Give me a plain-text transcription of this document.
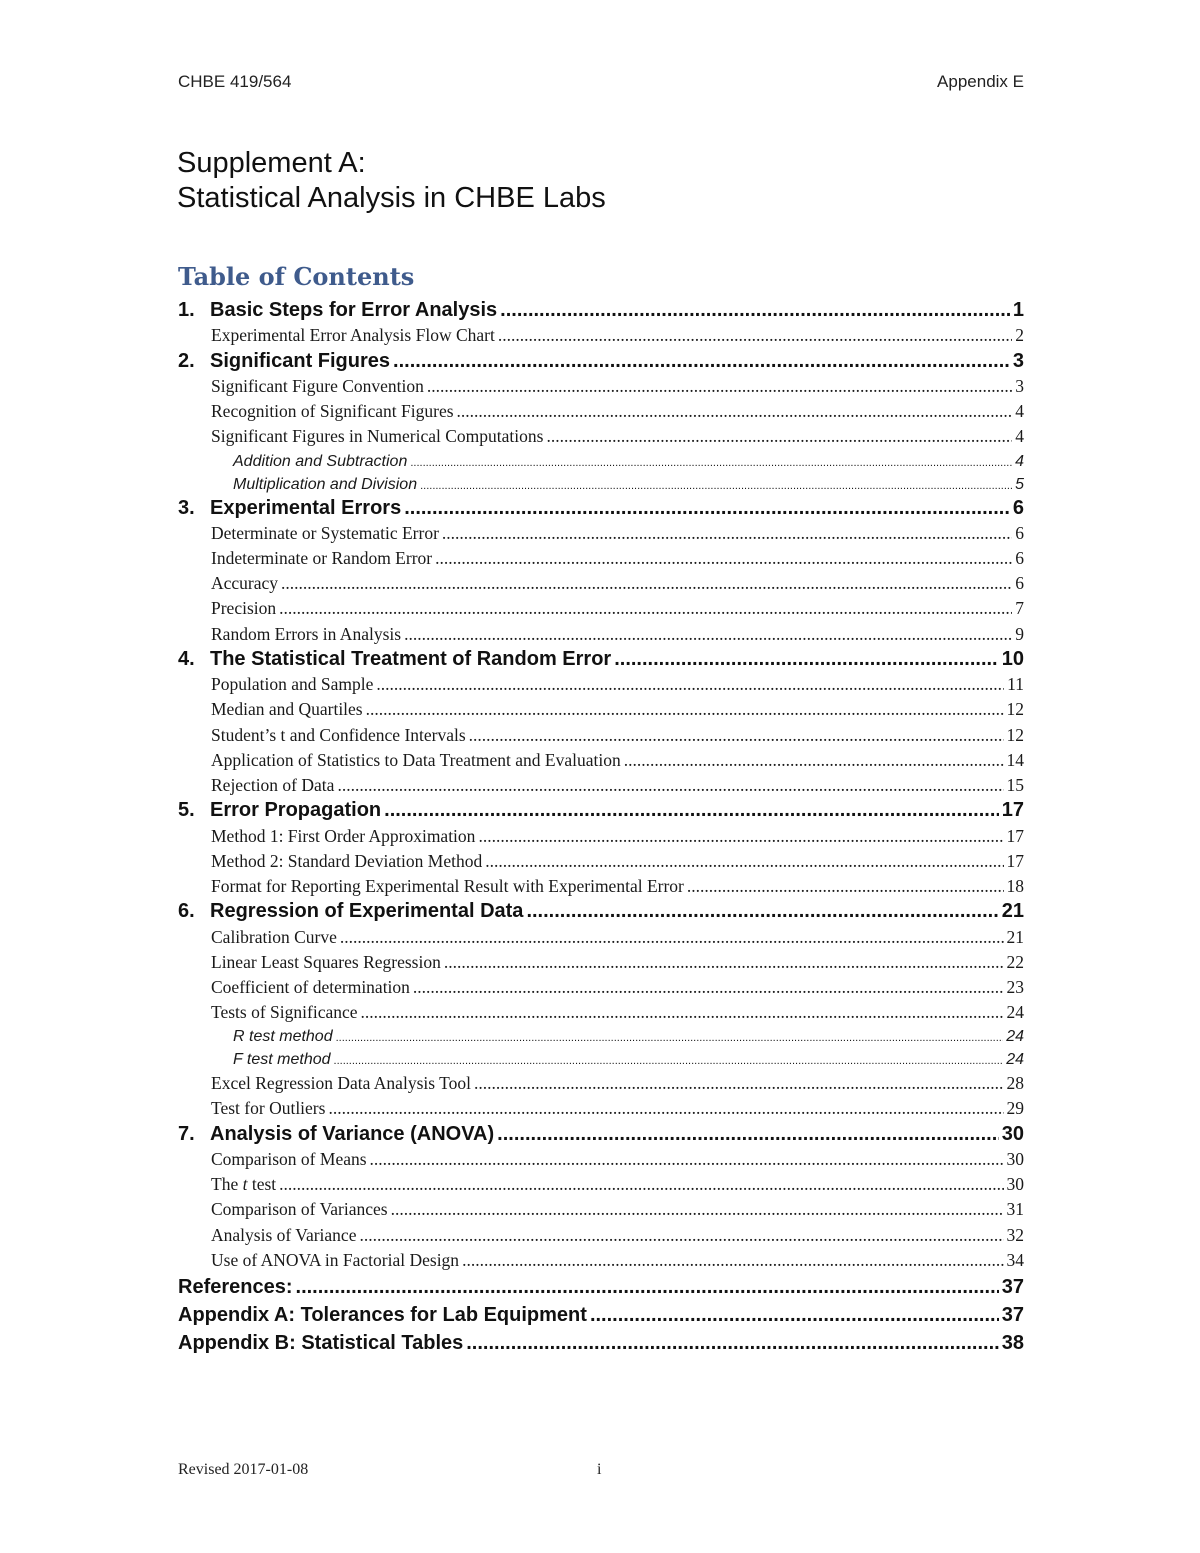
CHBE 419/564	Appendix E
Supplement A:
Statistical Analysis in CHBE Labs
Table of Contents
1. Basic Steps for Error Analysis .....	1
Experimental Error Analysis Flow Chart .....	2
2. Significant Figures .....	3
Significant Figure Convention .....	3
Recognition of Significant Figures .....	4
Significant Figures in Numerical Computations .....	4
Addition and Subtraction .....	4
Multiplication and Division .....	5
3. Experimental Errors .....	6
Determinate or Systematic Error .....	6
Indeterminate or Random Error .....	6
Accuracy .....	6
Precision .....	7
Random Errors in Analysis .....	9
4. The Statistical Treatment of Random Error .....	10
Population and Sample .....	11
Median and Quartiles .....	12
Student’s t and Confidence Intervals .....	12
Application of Statistics to Data Treatment and Evaluation .....	14
Rejection of Data .....	15
5. Error Propagation .....	17
Method 1: First Order Approximation .....	17
Method 2: Standard Deviation Method .....	17
Format for Reporting Experimental Result with Experimental Error .....	18
6. Regression of Experimental Data .....	21
Calibration Curve .....	21
Linear Least Squares Regression .....	22
Coefficient of determination .....	23
Tests of Significance .....	24
R test method .....	24
F test method .....	24
Excel Regression Data Analysis Tool .....	28
Test for Outliers .....	29
7. Analysis of Variance (ANOVA) .....	30
Comparison of Means .....	30
The t test .....	30
Comparison of Variances .....	31
Analysis of Variance .....	32
Use of ANOVA in Factorial Design .....	34
References: .....	37
Appendix A: Tolerances for Lab Equipment .....	37
Appendix B: Statistical Tables .....	38
Revised 2017-01-08	i
